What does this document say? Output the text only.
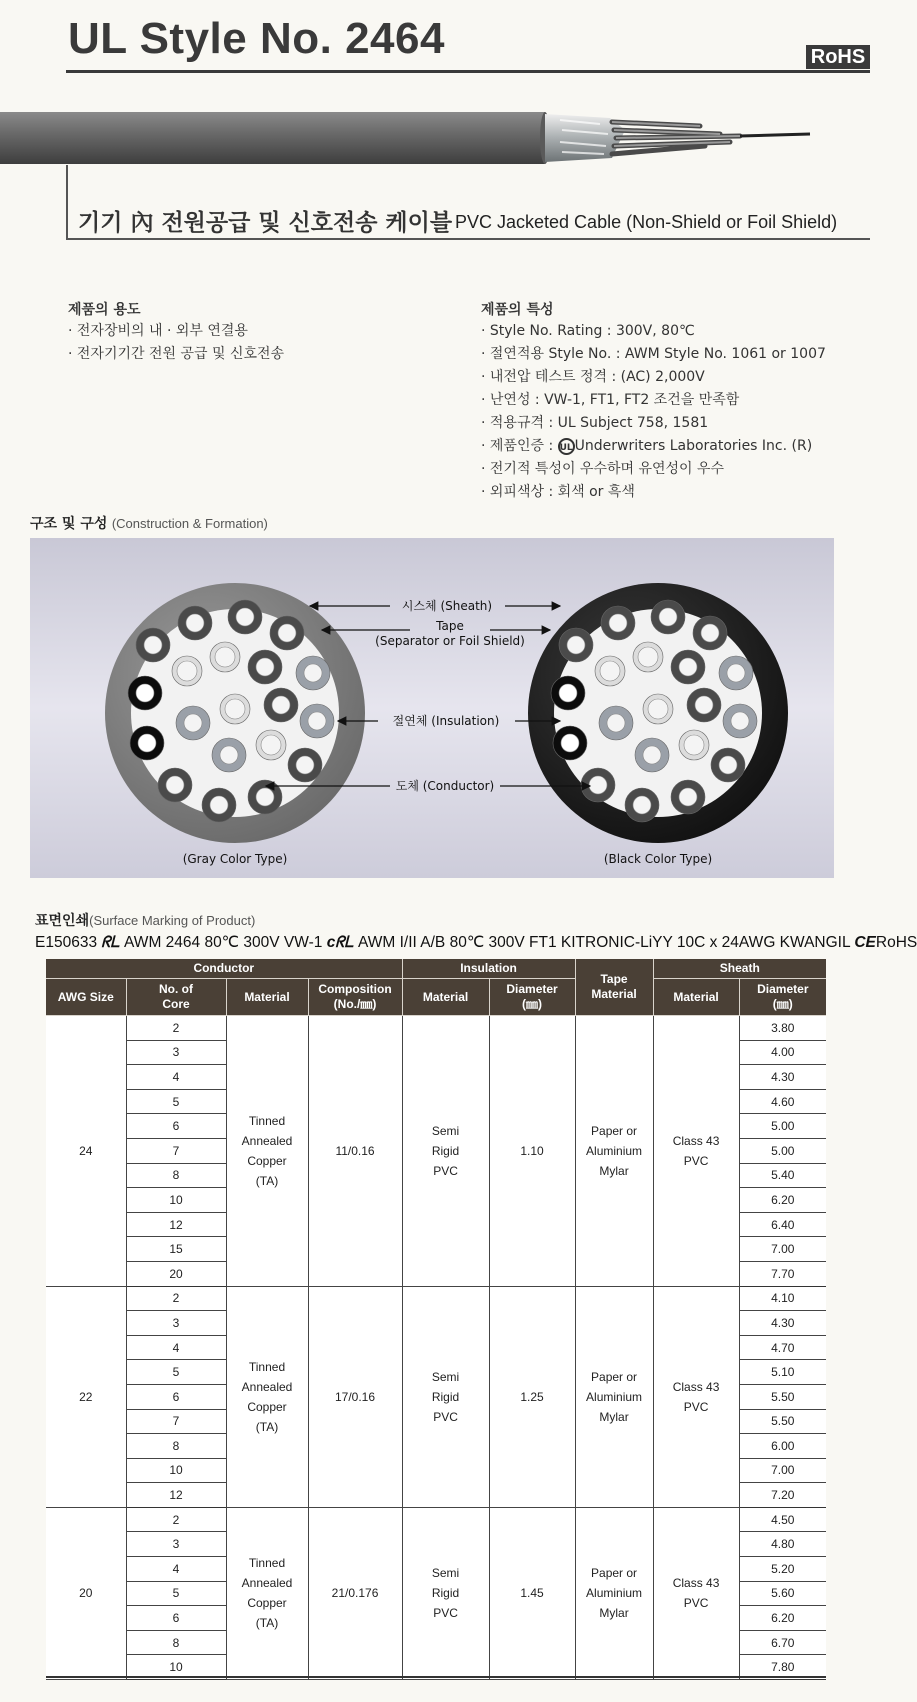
UL Style No. 2464	RoHS
기기 內 전원공급 및 신호전송 케이블 PVC Jacketed Cable (Non-Shield or Foil Shield)
제품의 용도
· 전자장비의 내 · 외부 연결용
· 전자기기간 전원 공급 및 신호전송
제품의 특성
· Style No. Rating : 300V, 80℃
· 절연적용 Style No. : AWM Style No. 1061 or 1007
· 내전압 테스트 정격 : (AC) 2,000V
· 난연성 : VW-1, FT1, FT2 조건을 만족함
· 적용규격 : UL Subject 758, 1581
· 제품인증 : UL Underwriters Laboratories Inc. (R)
· 전기적 특성이 우수하며 유연성이 우수
· 외피색상 : 회색 or 흑색
구조 및 구성 (Construction & Formation)
시스체 (Sheath)
Tape
(Separator or Foil Shield)
절연체 (Insulation)
도체 (Conductor)
(Gray Color Type)	(Black Color Type)
표면인쇄(Surface Marking of Product)
E150633 ᖇᒪ AWM 2464 80℃ 300V VW-1 cᖇᒪ AWM I/II A/B 80℃ 300V FT1 KITRONIC-LiYY 10C x 24AWG KWANGIL CERoHS
Conductor				Insulation		Tape Material	Sheath	
AWG Size	No. of Core	Material	Composition (No./㎜)	Material	Diameter (㎜)		Material	Diameter (㎜)
24	2	Tinned Annealed Copper (TA)	11/0.16	Semi Rigid PVC	1.10	Paper or Aluminium Mylar	Class 43 PVC	3.80
	3							4.00
	4							4.30
	5							4.60
	6							5.00
	7							5.00
	8							5.40
	10							6.20
	12							6.40
	15							7.00
	20							7.70
22	2	Tinned Annealed Copper (TA)	17/0.16	Semi Rigid PVC	1.25	Paper or Aluminium Mylar	Class 43 PVC	4.10
	3							4.30
	4							4.70
	5							5.10
	6							5.50
	7							5.50
	8							6.00
	10							7.00
	12							7.20
20	2	Tinned Annealed Copper (TA)	21/0.176	Semi Rigid PVC	1.45	Paper or Aluminium Mylar	Class 43 PVC	4.50
	3							4.80
	4							5.20
	5							5.60
	6							6.20
	8							6.70
	10							7.80
